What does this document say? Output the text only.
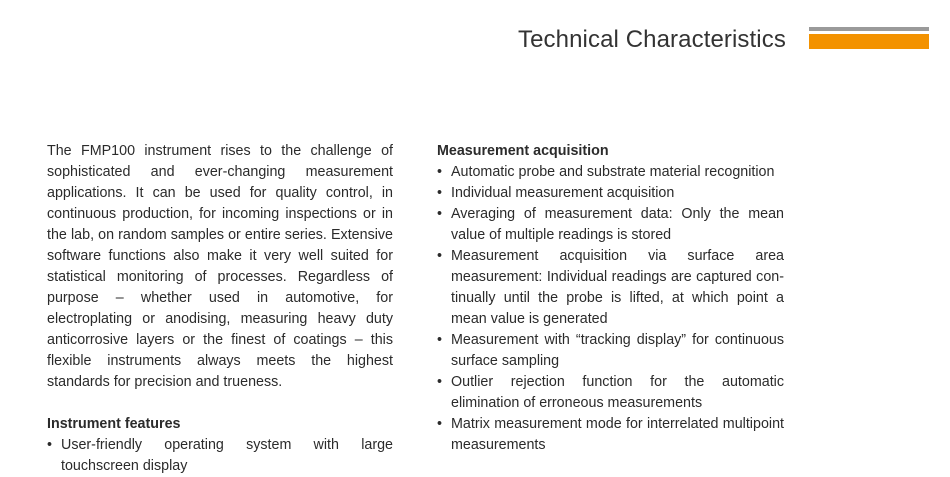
Technical Characteristics

The FMP100 instrument rises to the challenge of sophisticated and ever-changing measurement applications. It can be used for quality control, in continuous production, for incoming inspections or in the lab, on random samples or entire series. Extensive software functions also make it very well suited for statistical monitoring of processes. Regardless of purpose – whether used in automotive, for electroplating or anodising, measuring heavy duty anticorrosive layers or the finest of coatings – this flexible instruments always meets the highest standards for precision and trueness.

Instrument features
• User-friendly operating system with large touchscreen display
Measurement acquisition
• Automatic probe and substrate material recognition
• Individual measurement acquisition
• Averaging of measurement data: Only the mean value of multiple readings is stored
• Measurement acquisition via surface area measurement: Individual readings are captured continually until the probe is lifted, at which point a mean value is generated
• Measurement with “tracking display” for continuous surface sampling
• Outlier rejection function for the automatic elimination of erroneous measurements
• Matrix measurement mode for interrelated multipoint measurements
